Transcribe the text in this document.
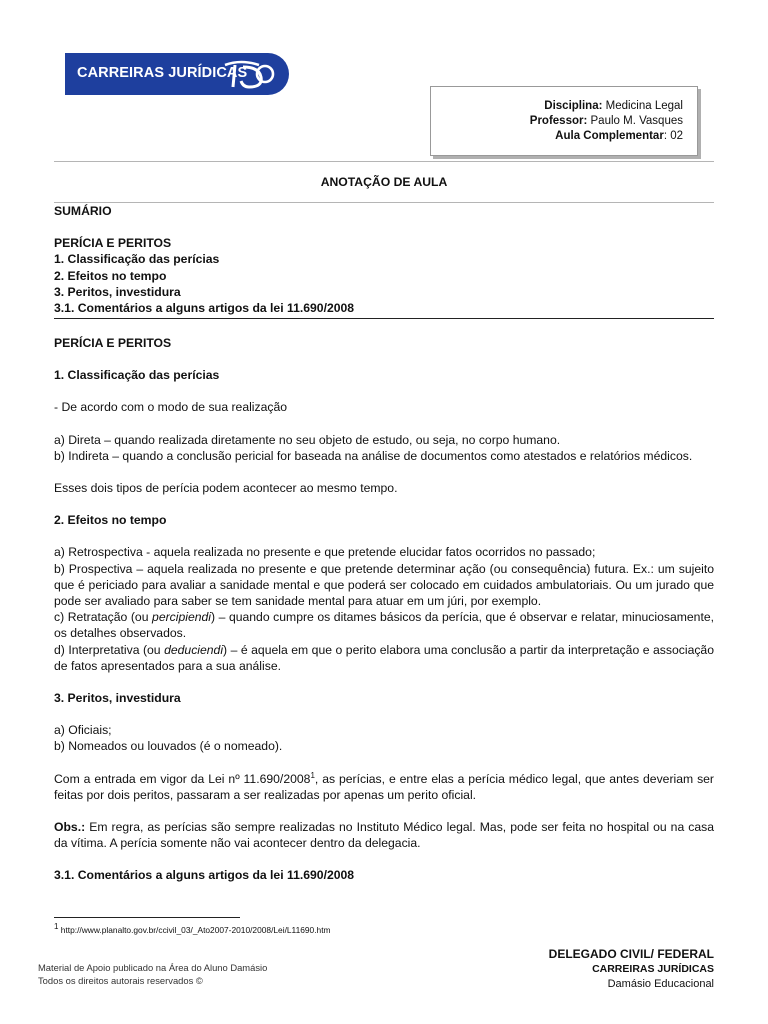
CARREIRAS JURÍDICAS
Disciplina: Medicina Legal
Professor: Paulo M. Vasques
Aula Complementar: 02
ANOTAÇÃO DE AULA
SUMÁRIO
PERÍCIA E PERITOS
1. Classificação das perícias
2. Efeitos no tempo
3. Peritos, investidura
3.1. Comentários a alguns artigos da lei 11.690/2008
PERÍCIA E PERITOS
1. Classificação das perícias
- De acordo com o modo de sua realização
a) Direta – quando realizada diretamente no seu objeto de estudo, ou seja, no corpo humano.
b) Indireta – quando a conclusão pericial for baseada na análise de documentos como atestados e relatórios médicos.
Esses dois tipos de perícia podem acontecer ao mesmo tempo.
2. Efeitos no tempo
a) Retrospectiva - aquela realizada no presente e que pretende elucidar fatos ocorridos no passado;
b) Prospectiva – aquela realizada no presente e que pretende determinar ação (ou consequência) futura. Ex.: um sujeito que é periciado para avaliar a sanidade mental e que poderá ser colocado em cuidados ambulatoriais. Ou um jurado que pode ser avaliado para saber se tem sanidade mental para atuar em um júri, por exemplo.
c) Retratação (ou percipiendi) – quando cumpre os ditames básicos da perícia, que é observar e relatar, minuciosamente, os detalhes observados.
d) Interpretativa (ou deduciendi) – é aquela em que o perito elabora uma conclusão a partir da interpretação e associação de fatos apresentados para a sua análise.
3. Peritos, investidura
a) Oficiais;
b) Nomeados ou louvados (é o nomeado).
Com a entrada em vigor da Lei nº 11.690/2008$^1$, as perícias, e entre elas a perícia médico legal, que antes deveriam ser feitas por dois peritos, passaram a ser realizadas por apenas um perito oficial.
Obs.: Em regra, as perícias são sempre realizadas no Instituto Médico legal. Mas, pode ser feita no hospital ou na casa da vítima. A perícia somente não vai acontecer dentro da delegacia.
3.1. Comentários a alguns artigos da lei 11.690/2008
$^1$ http://www.planalto.gov.br/ccivil_03/_Ato2007-2010/2008/Lei/L11690.htm
Material de Apoio publicado na Área do Aluno Damásio
Todos os direitos autorais reservados ©
DELEGADO CIVIL/ FEDERAL
CARREIRAS JURÍDICAS
Damásio Educacional
